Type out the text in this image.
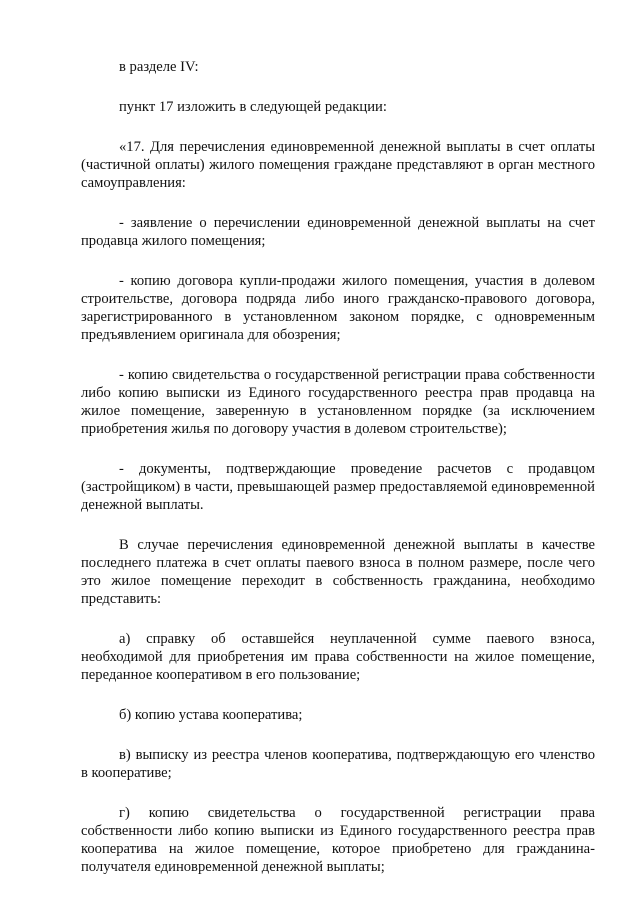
в разделе IV:

пункт 17 изложить в следующей редакции:

«17. Для перечисления единовременной денежной выплаты в счет оплаты (частичной оплаты) жилого помещения граждане представляют в орган местного самоуправления:

- заявление о перечислении единовременной денежной выплаты на счет продавца жилого помещения;

- копию договора купли-продажи жилого помещения, участия в долевом строительстве, договора подряда либо иного гражданско-правового договора, зарегистрированного в установленном законом порядке, с одновременным предъявлением оригинала для обозрения;

- копию свидетельства о государственной регистрации права собственности либо копию выписки из Единого государственного реестра прав продавца на жилое помещение, заверенную в установленном порядке (за исключением приобретения жилья по договору участия в долевом строительстве);

- документы, подтверждающие проведение расчетов с продавцом (застройщиком) в части, превышающей размер предоставляемой единовременной денежной выплаты.

В случае перечисления единовременной денежной выплаты в качестве последнего платежа в счет оплаты паевого взноса в полном размере, после чего это жилое помещение переходит в собственность гражданина, необходимо представить:

а) справку об оставшейся неуплаченной сумме паевого взноса, необходимой для приобретения им права собственности на жилое помещение, переданное кооперативом в его пользование;

б) копию устава кооператива;

в) выписку из реестра членов кооператива, подтверждающую его членство в кооперативе;

г) копию свидетельства о государственной регистрации права собственности либо копию выписки из Единого государственного реестра прав кооператива на жилое помещение, которое приобретено для гражданина-получателя единовременной денежной выплаты;
